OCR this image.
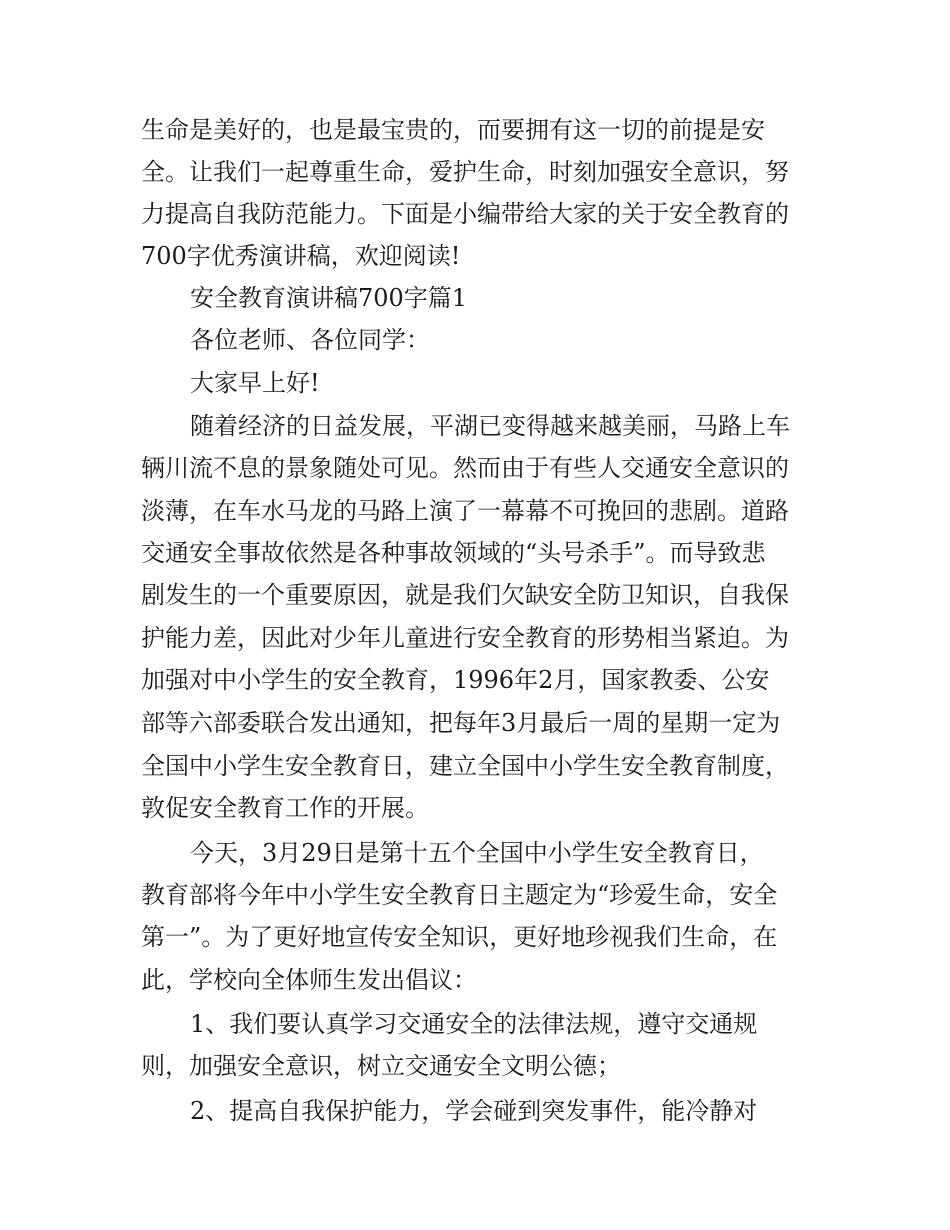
生命是美好的，也是最宝贵的，而要拥有这一切的前提是安

全。让我们一起尊重生命，爱护生命，时刻加强安全意识，努

力提高自我防范能力。下面是小编带给大家的关于安全教育的

700字优秀演讲稿，欢迎阅读!

安全教育演讲稿700字篇1

各位老师、各位同学：

大家早上好!

随着经济的日益发展，平湖已变得越来越美丽，马路上车

辆川流不息的景象随处可见。然而由于有些人交通安全意识的

淡薄，在车水马龙的马路上演了一幕幕不可挽回的悲剧。道路

交通安全事故依然是各种事故领域的“头号杀手”。而导致悲

剧发生的一个重要原因，就是我们欠缺安全防卫知识，自我保

护能力差，因此对少年儿童进行安全教育的形势相当紧迫。为

加强对中小学生的安全教育，1996年2月，国家教委、公安

部等六部委联合发出通知，把每年3月最后一周的星期一定为

全国中小学生安全教育日，建立全国中小学生安全教育制度，

敦促安全教育工作的开展。

今天，3月29日是第十五个全国中小学生安全教育日，

教育部将今年中小学生安全教育日主题定为“珍爱生命，安全

第一”。为了更好地宣传安全知识，更好地珍视我们生命，在

此，学校向全体师生发出倡议：

1、我们要认真学习交通安全的法律法规，遵守交通规

则，加强安全意识，树立交通安全文明公德；

2、提高自我保护能力，学会碰到突发事件，能冷静对
